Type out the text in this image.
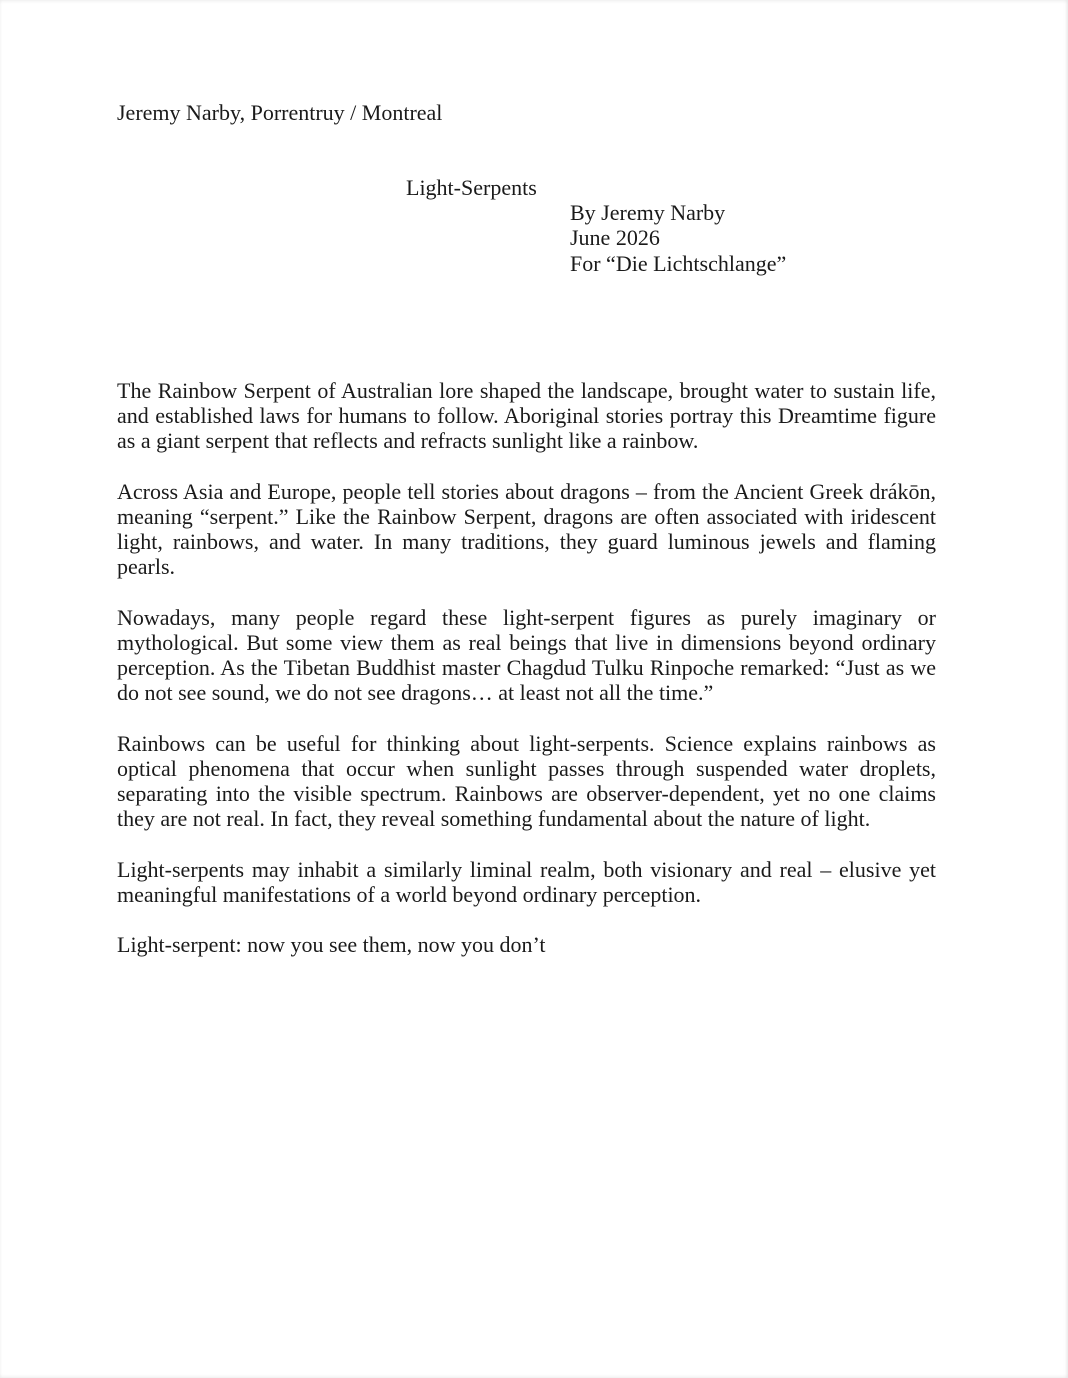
Jeremy Narby, Porrentruy / Montreal
Light-Serpents
By Jeremy Narby
June 2026
For “Die Lichtschlange”

The Rainbow Serpent of Australian lore shaped the landscape, brought water to sustain life, and established laws for humans to follow. Aboriginal stories portray this Dreamtime figure as a giant serpent that reflects and refracts sunlight like a rainbow.

Across Asia and Europe, people tell stories about dragons – from the Ancient Greek drákōn, meaning “serpent.” Like the Rainbow Serpent, dragons are often associated with iridescent light, rainbows, and water. In many traditions, they guard luminous jewels and flaming pearls.

Nowadays, many people regard these light-serpent figures as purely imaginary or mythological. But some view them as real beings that live in dimensions beyond ordinary perception. As the Tibetan Buddhist master Chagdud Tulku Rinpoche remarked: “Just as we do not see sound, we do not see dragons… at least not all the time.”

Rainbows can be useful for thinking about light-serpents. Science explains rainbows as optical phenomena that occur when sunlight passes through suspended water droplets, separating into the visible spectrum. Rainbows are observer-dependent, yet no one claims they are not real. In fact, they reveal something fundamental about the nature of light.

Light-serpents may inhabit a similarly liminal realm, both visionary and real – elusive yet meaningful manifestations of a world beyond ordinary perception.

Light-serpent: now you see them, now you don’t
